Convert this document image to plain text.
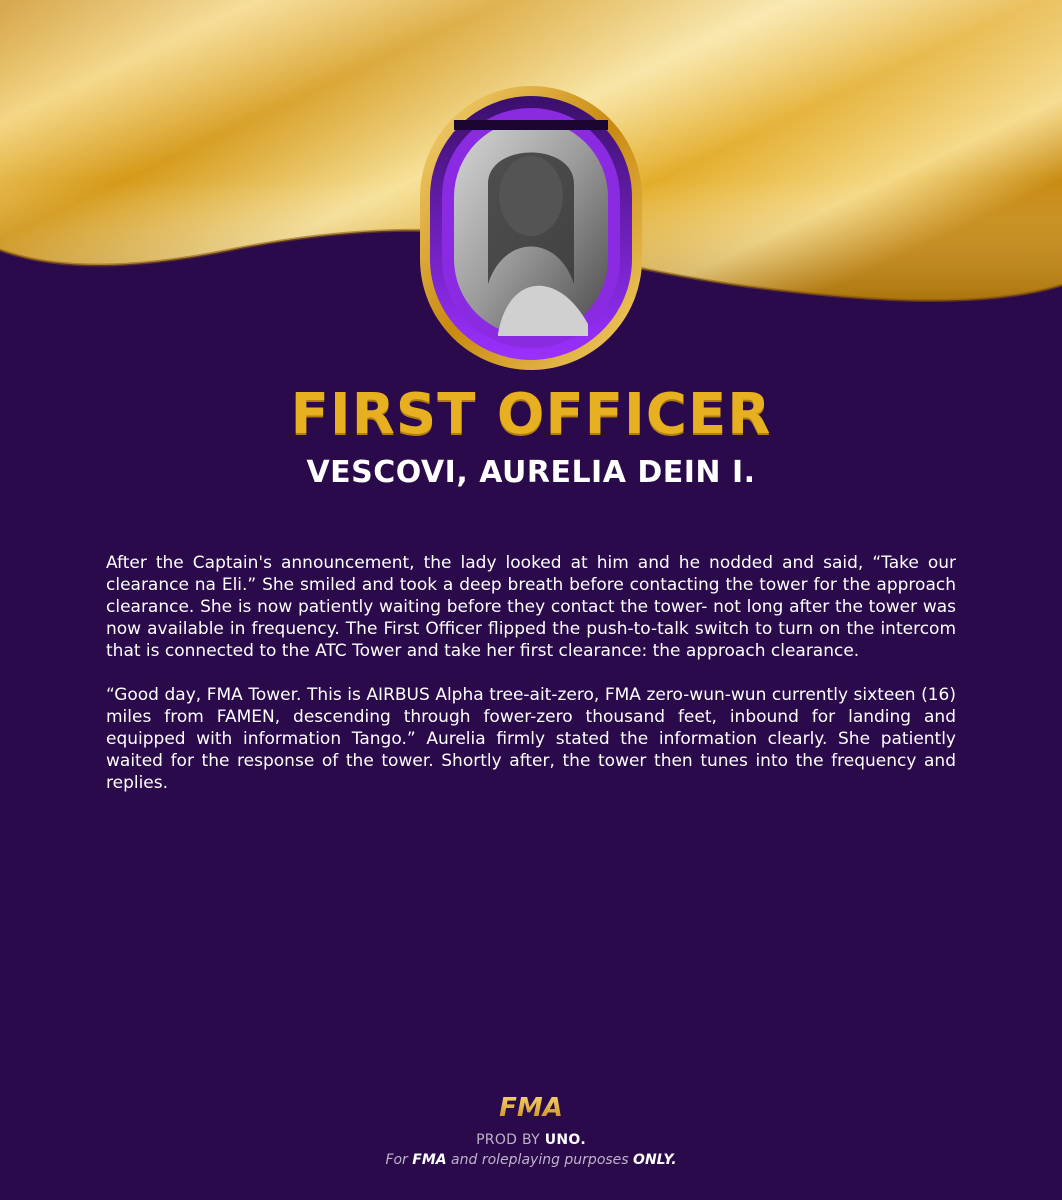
FIRST OFFICER
VESCOVI, AURELIA DEIN I.

After the Captain's announcement, the lady looked at him and he nodded and said, “Take our clearance na Eli.” She smiled and took a deep breath before contacting the tower for the approach clearance. She is now patiently waiting before they contact the tower- not long after the tower was now available in frequency. The First Officer flipped the push-to-talk switch to turn on the intercom that is connected to the ATC Tower and take her first clearance: the approach clearance.

“Good day, FMA Tower. This is AIRBUS Alpha tree-ait-zero, FMA zero-wun-wun currently sixteen (16) miles from FAMEN, descending through fower-zero thousand feet, inbound for landing and equipped with information Tango.” Aurelia firmly stated the information clearly. She patiently waited for the response of the tower. Shortly after, the tower then tunes into the frequency and replies.

FMA
PROD BY UNO.
For FMA and roleplaying purposes ONLY.
